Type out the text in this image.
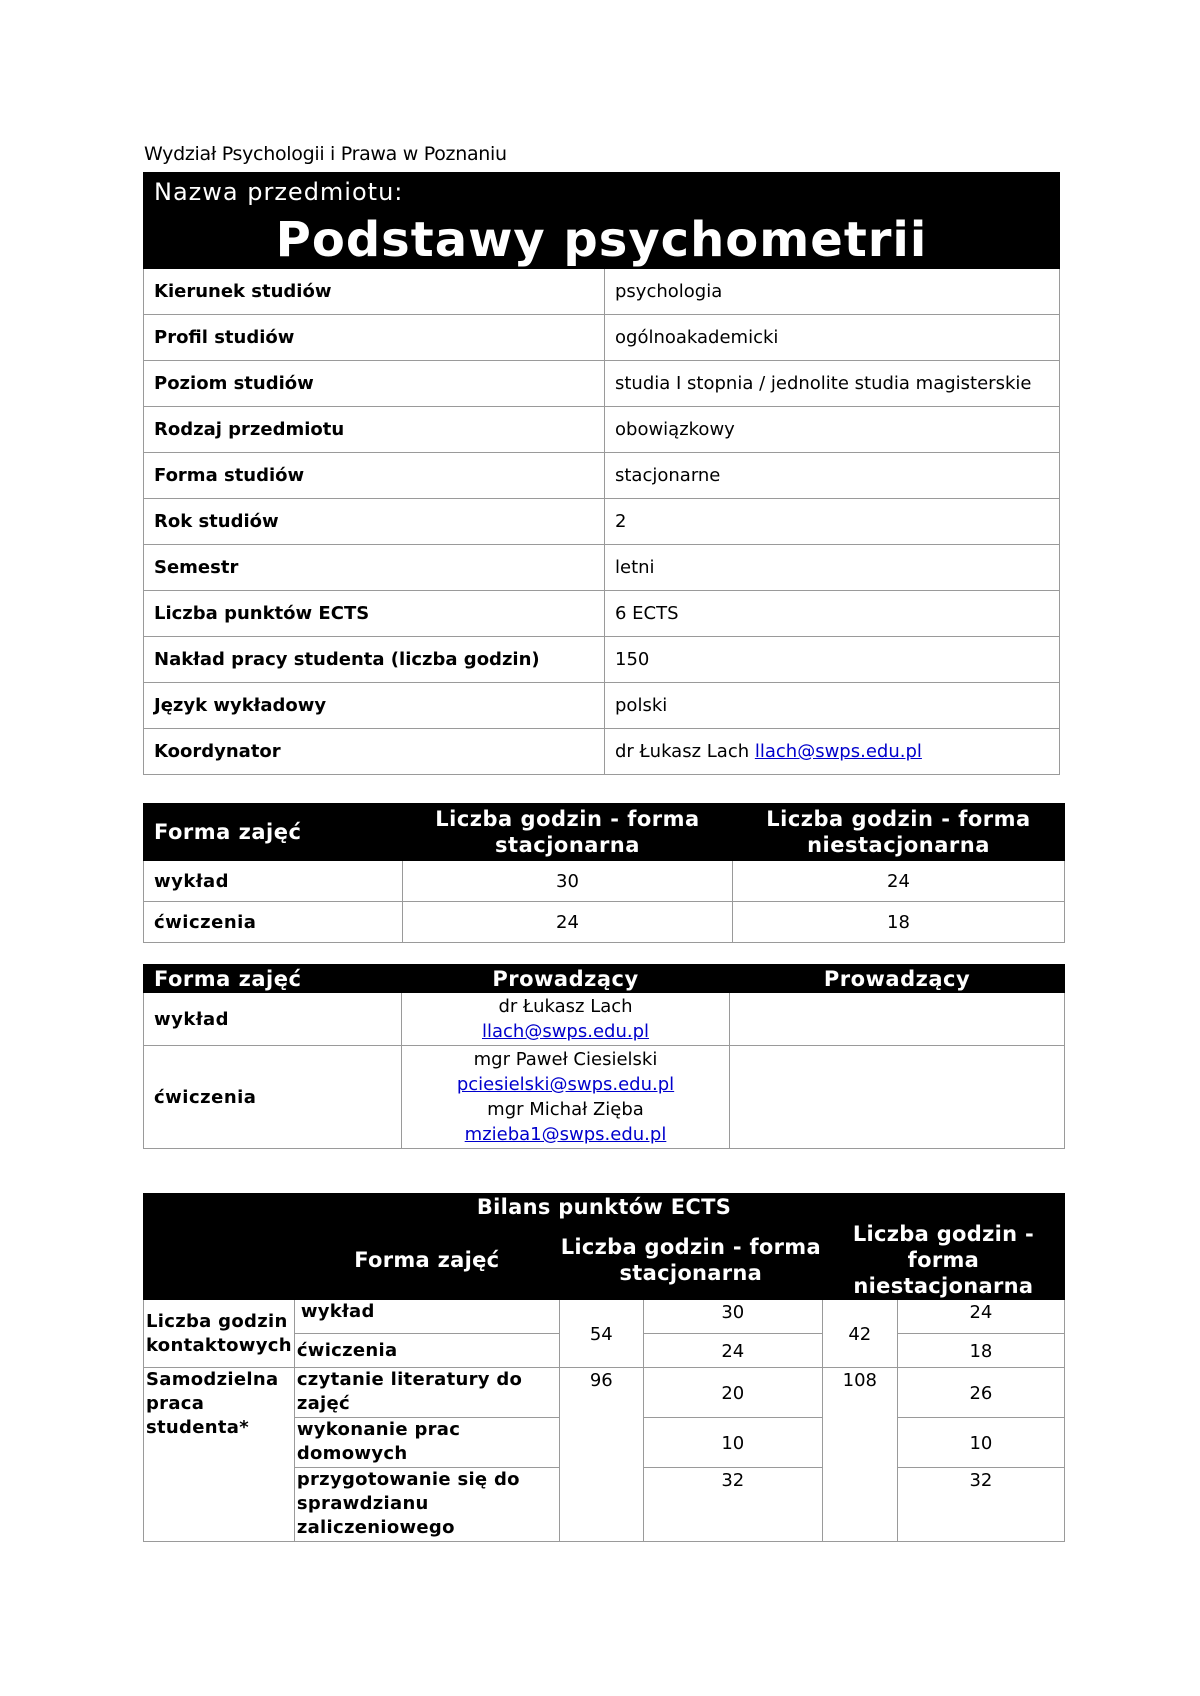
Wydział Psychologii i Prawa w Poznaniu
Nazwa przedmiotu:	
Podstawy psychometrii	
Kierunek studiów	psychologia
Profil studiów	ogólnoakademicki
Poziom studiów	studia I stopnia / jednolite studia magisterskie
Rodzaj przedmiotu	obowiązkowy
Forma studiów	stacjonarne
Rok studiów	2
Semestr	letni
Liczba punktów ECTS	6 ECTS
Nakład pracy studenta (liczba godzin)	150
Język wykładowy	polski
Koordynator	dr Łukasz Lach llach@swps.edu.pl
Forma zajęć	Liczba godzin - forma stacjonarna	Liczba godzin - forma niestacjonarna
wykład	30	24
ćwiczenia	24	18
Forma zajęć	Prowadzący	Prowadzący
wykład	dr Łukasz Lach
llach@swps.edu.pl	
ćwiczenia	mgr Paweł Ciesielski
pciesielski@swps.edu.pl
mgr Michał Zięba
mzieba1@swps.edu.pl	
Bilans punktów ECTS					
	Forma zajęć	Liczba godzin - forma stacjonarna		Liczba godzin - forma niestacjonarna	
Liczba godzin kontaktowych	wykład	54	30	42	24
	ćwiczenia		24		18
Samodzielna praca studenta*	czytanie literatury do zajęć	96	20	108	26
	wykonanie prac domowych		10		10
	przygotowanie się do sprawdzianu zaliczeniowego		32		32
